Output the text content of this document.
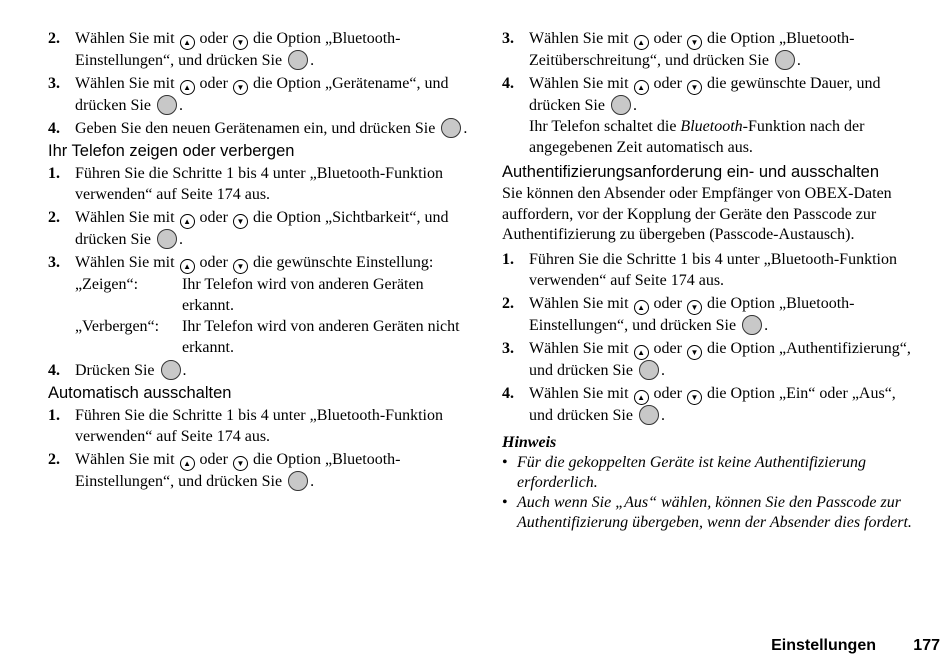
2. Wählen Sie mit ▲ oder ▼ die Option „Bluetooth-Einstellungen“, und drücken Sie .
3. Wählen Sie mit ▲ oder ▼ die Option „Gerätename“, und drücken Sie .
4. Geben Sie den neuen Gerätenamen ein, und drücken Sie .
Ihr Telefon zeigen oder verbergen
1. Führen Sie die Schritte 1 bis 4 unter „Bluetooth-Funktion verwenden“ auf Seite 174 aus.
2. Wählen Sie mit ▲ oder ▼ die Option „Sichtbarkeit“, und drücken Sie .
3. Wählen Sie mit ▲ oder ▼ die gewünschte Einstellung:
„Zeigen“:	Ihr Telefon wird von anderen Geräten erkannt.
„Verbergen“:	Ihr Telefon wird von anderen Geräten nicht erkannt.
4. Drücken Sie .
Automatisch ausschalten
1. Führen Sie die Schritte 1 bis 4 unter „Bluetooth-Funktion verwenden“ auf Seite 174 aus.
2. Wählen Sie mit ▲ oder ▼ die Option „Bluetooth-Einstellungen“, und drücken Sie .
3. Wählen Sie mit ▲ oder ▼ die Option „Bluetooth-Zeitüberschreitung“, und drücken Sie .
4. Wählen Sie mit ▲ oder ▼ die gewünschte Dauer, und drücken Sie .
Ihr Telefon schaltet die Bluetooth-Funktion nach der angegebenen Zeit automatisch aus.
Authentifizierungsanforderung ein- und ausschalten
Sie können den Absender oder Empfänger von OBEX-Daten auffordern, vor der Kopplung der Geräte den Passcode zur Authentifizierung zu übergeben (Passcode-Austausch).
1. Führen Sie die Schritte 1 bis 4 unter „Bluetooth-Funktion verwenden“ auf Seite 174 aus.
2. Wählen Sie mit ▲ oder ▼ die Option „Bluetooth-Einstellungen“, und drücken Sie .
3. Wählen Sie mit ▲ oder ▼ die Option „Authentifizierung“, und drücken Sie .
4. Wählen Sie mit ▲ oder ▼ die Option „Ein“ oder „Aus“, und drücken Sie .
Hinweis
• Für die gekoppelten Geräte ist keine Authentifizierung erforderlich.
• Auch wenn Sie „Aus“ wählen, können Sie den Passcode zur Authentifizierung übergeben, wenn der Absender dies fordert.
Einstellungen 177
